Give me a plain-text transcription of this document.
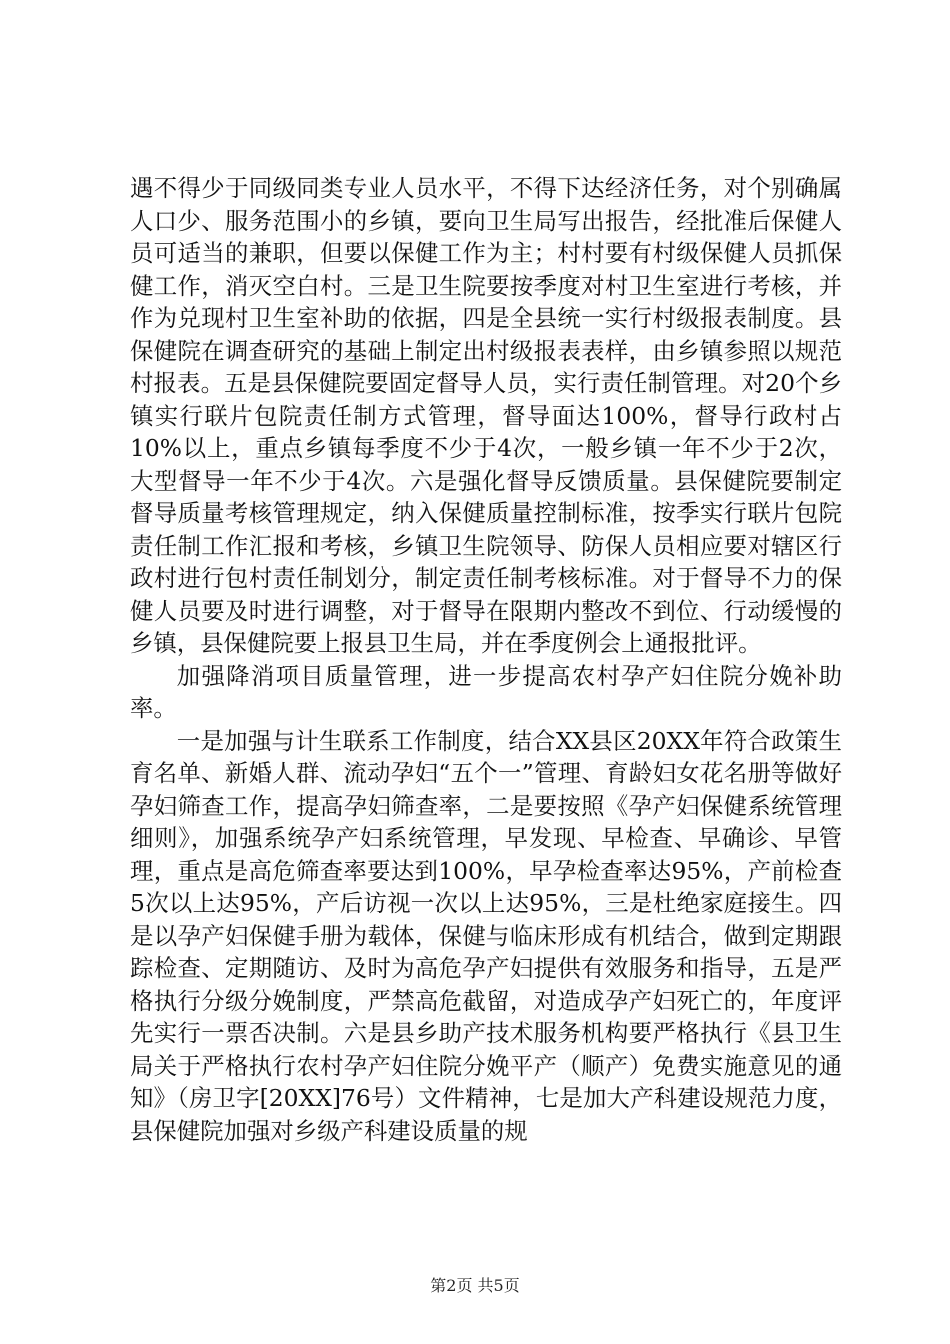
遇不得少于同级同类专业人员水平，不得下达经济任务，对个别确属人口少、服务范围小的乡镇，要向卫生局写出报告，经批准后保健人员可适当的兼职，但要以保健工作为主；村村要有村级保健人员抓保健工作，消灭空白村。三是卫生院要按季度对村卫生室进行考核，并作为兑现村卫生室补助的依据，四是全县统一实行村级报表制度。县保健院在调查研究的基础上制定出村级报表表样，由乡镇参照以规范村报表。五是县保健院要固定督导人员，实行责任制管理。对20个乡镇实行联片包院责任制方式管理，督导面达100%，督导行政村占10%以上，重点乡镇每季度不少于4次，一般乡镇一年不少于2次，大型督导一年不少于4次。六是强化督导反馈质量。县保健院要制定督导质量考核管理规定，纳入保健质量控制标准，按季实行联片包院责任制工作汇报和考核，乡镇卫生院领导、防保人员相应要对辖区行政村进行包村责任制划分，制定责任制考核标准。对于督导不力的保健人员要及时进行调整，对于督导在限期内整改不到位、行动缓慢的乡镇，县保健院要上报县卫生局，并在季度例会上通报批评。

加强降消项目质量管理，进一步提高农村孕产妇住院分娩补助率。

一是加强与计生联系工作制度，结合XX县区20XX年符合政策生育名单、新婚人群、流动孕妇“五个一”管理、育龄妇女花名册等做好孕妇筛查工作，提高孕妇筛查率，二是要按照《孕产妇保健系统管理细则》，加强系统孕产妇系统管理，早发现、早检查、早确诊、早管理，重点是高危筛查率要达到100%，早孕检查率达95%，产前检查5次以上达95%，产后访视一次以上达95%，三是杜绝家庭接生。四是以孕产妇保健手册为载体，保健与临床形成有机结合，做到定期跟踪检查、定期随访、及时为高危孕产妇提供有效服务和指导，五是严格执行分级分娩制度，严禁高危截留，对造成孕产妇死亡的，年度评先实行一票否决制。六是县乡助产技术服务机构要严格执行《县卫生局关于严格执行农村孕产妇住院分娩平产（顺产）免费实施意见的通知》（房卫字[20XX]76号）文件精神，七是加大产科建设规范力度，县保健院加强对乡级产科建设质量的规

第2页 共5页
